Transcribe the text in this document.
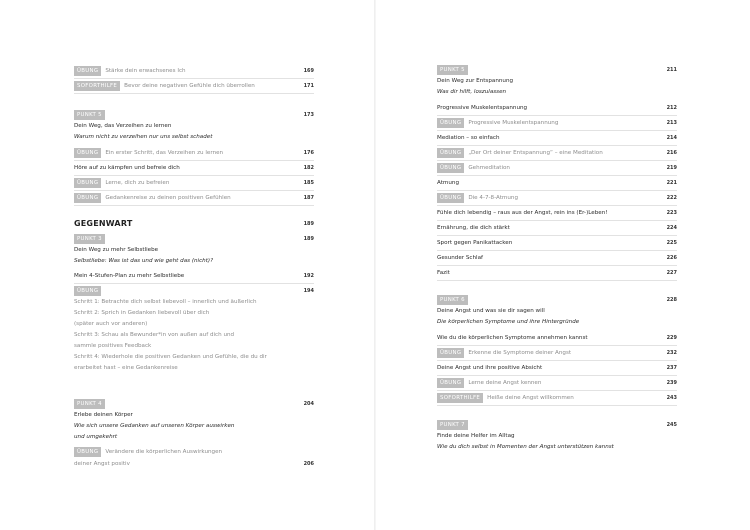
ÜBUNG Stärke dein erwachsenes Ich	169
SOFORTHILFE Bevor deine negativen Gefühle dich überrollen	171
PUNKT 5	173
Dein Weg, das Verzeihen zu lernen
Warum nicht zu verzeihen nur uns selbst schadet
ÜBUNG Ein erster Schritt, das Verzeihen zu lernen	176
Höre auf zu kämpfen und befreie dich	182
ÜBUNG Lerne, dich zu befreien	185
ÜBUNG Gedankenreise zu deinen positiven Gefühlen	187
GEGENWART	189
PUNKT 3	189
Dein Weg zu mehr Selbstliebe
Selbstliebe: Was ist das und wie geht das (nicht)?
Mein 4-Stufen-Plan zu mehr Selbstliebe	192
ÜBUNG	194
Schritt 1: Betrachte dich selbst liebevoll – innerlich und äußerlich
Schritt 2: Sprich in Gedanken liebevoll über dich
(später auch vor anderen)
Schritt 3: Schau als Bewunder*in von außen auf dich und
sammle positives Feedback
Schritt 4: Wiederhole die positiven Gedanken und Gefühle, die du dir
erarbeitet hast – eine Gedankenreise
PUNKT 4	204
Erlebe deinen Körper
Wie sich unsere Gedanken auf unseren Körper auswirken
und umgekehrt
ÜBUNG Verändere die körperlichen Auswirkungen
deiner Angst positiv	206
PUNKT 5	211
Dein Weg zur Entspannung
Was dir hilft, loszulassen
Progressive Muskelentspannung	212
ÜBUNG Progressive Muskelentspannung	213
Mediation – so einfach	214
ÜBUNG „Der Ort deiner Entspannung“ – eine Meditation	216
ÜBUNG Gehmeditation	219
Atmung	221
ÜBUNG Die 4-7-8-Atmung	222
Fühle dich lebendig – raus aus der Angst, rein ins (Er-)Leben!	223
Ernährung, die dich stärkt	224
Sport gegen Panikattacken	225
Gesunder Schlaf	226
Fazit	227
PUNKT 6	228
Deine Angst und was sie dir sagen will
Die körperlichen Symptome und ihre Hintergründe
Wie du die körperlichen Symptome annehmen kannst	229
ÜBUNG Erkenne die Symptome deiner Angst	232
Deine Angst und ihre positive Absicht	237
ÜBUNG Lerne deine Angst kennen	239
SOFORTHILFE Heiße deine Angst willkommen	243
PUNKT 7	245
Finde deine Helfer im Alltag
Wie du dich selbst in Momenten der Angst unterstützen kannst
